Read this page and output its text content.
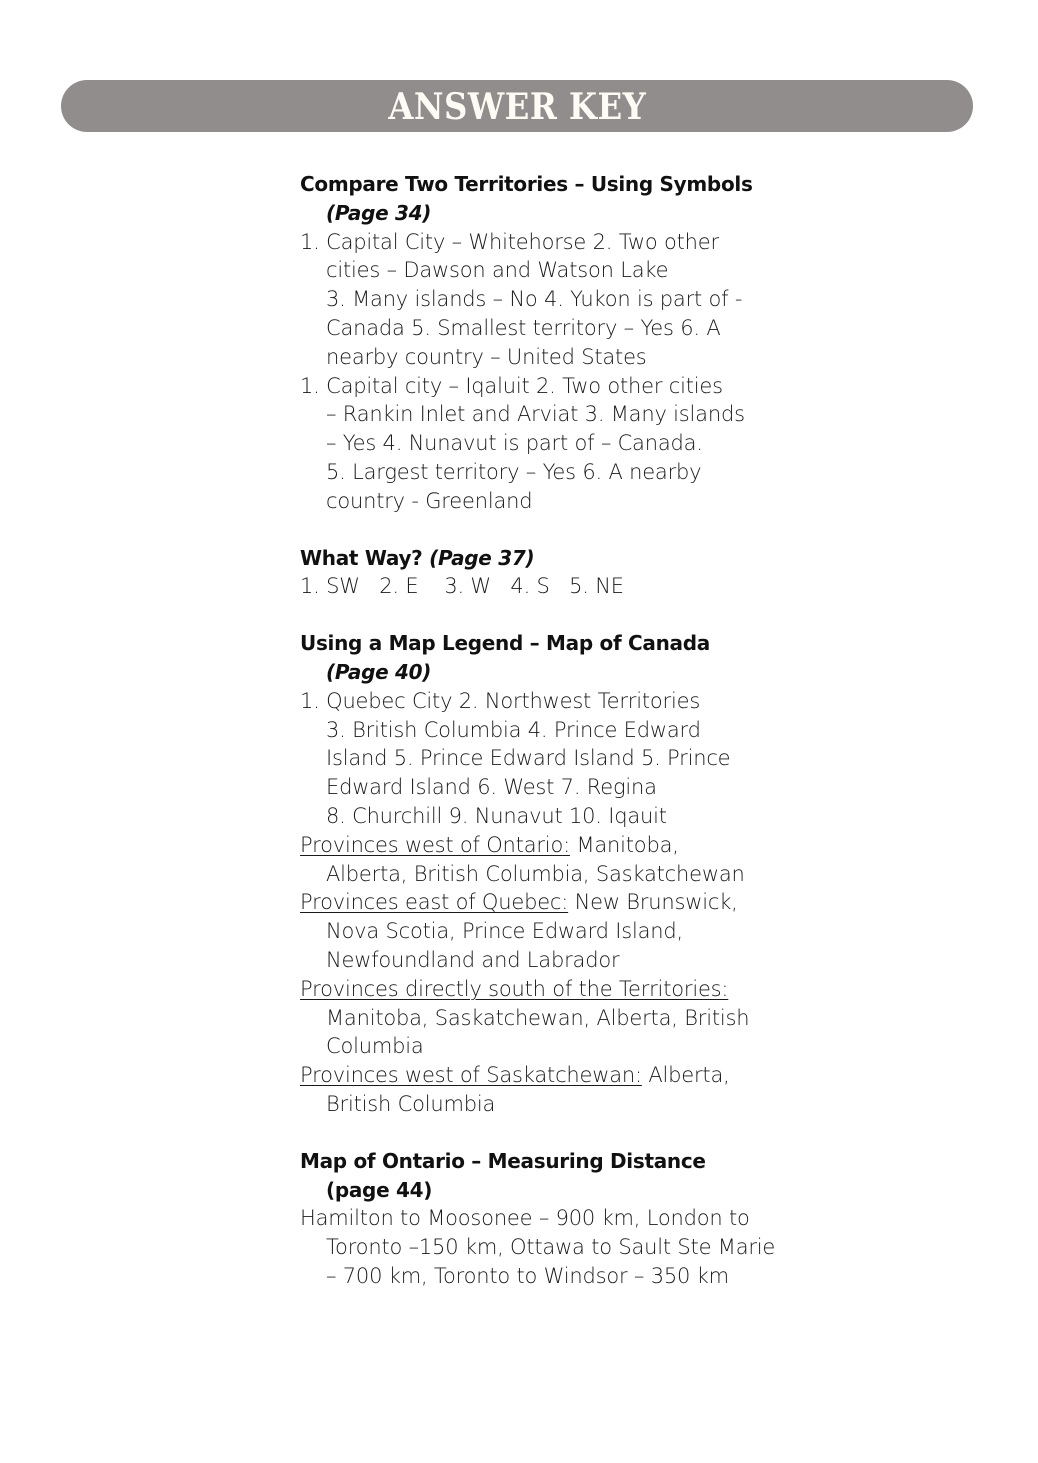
ANSWER KEY
Compare Two Territories – Using Symbols
(Page 34)
1. Capital City – Whitehorse 2. Two other
cities – Dawson and Watson Lake
3. Many islands – No 4. Yukon is part of -
Canada 5. Smallest territory – Yes 6. A
nearby country – United States
1. Capital city – Iqaluit 2. Two other cities
– Rankin Inlet and Arviat 3. Many islands
– Yes 4. Nunavut is part of – Canada.
5. Largest territory – Yes 6. A nearby
country - Greenland
What Way? (Page 37)
1. SW   2. E    3. W   4. S   5. NE
Using a Map Legend – Map of Canada
(Page 40)
1. Quebec City 2. Northwest Territories
3. British Columbia 4. Prince Edward
Island 5. Prince Edward Island 5. Prince
Edward Island 6. West 7. Regina
8. Churchill 9. Nunavut 10. Iqauit
Provinces west of Ontario: Manitoba,
Alberta, British Columbia, Saskatchewan
Provinces east of Quebec: New Brunswick,
Nova Scotia, Prince Edward Island,
Newfoundland and Labrador
Provinces directly south of the Territories:
Manitoba, Saskatchewan, Alberta, British
Columbia
Provinces west of Saskatchewan: Alberta,
British Columbia
Map of Ontario – Measuring Distance
(page 44)
Hamilton to Moosonee – 900 km, London to
Toronto –150 km, Ottawa to Sault Ste Marie
– 700 km, Toronto to Windsor – 350 km
